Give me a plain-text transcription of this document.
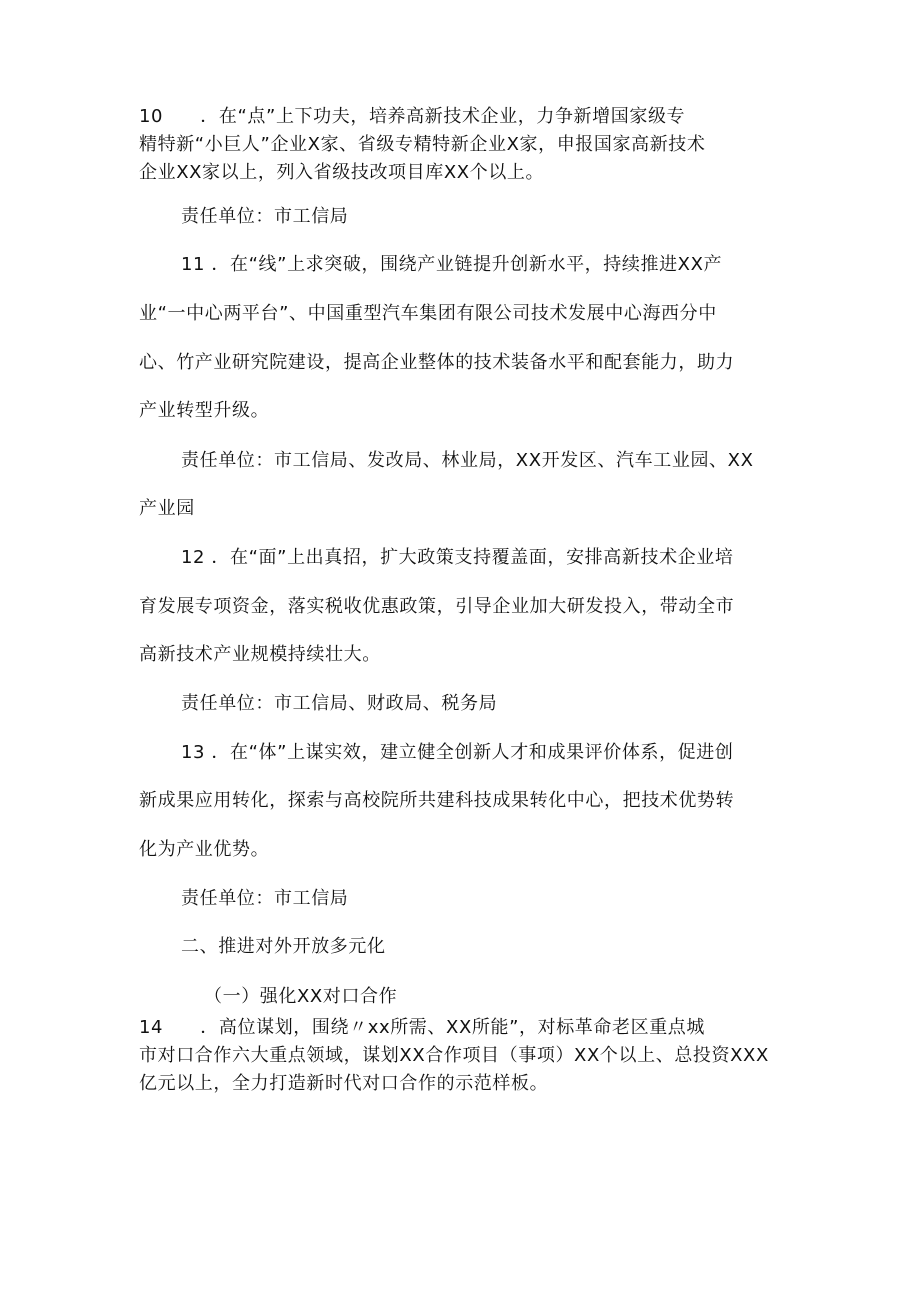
10　　．在“点”上下功夫，培养高新技术企业，力争新增国家级专
精特新“小巨人”企业X家、省级专精特新企业X家，申报国家高新技术
企业XX家以上，列入省级技改项目库XX个以上。
责任单位：市工信局
11 ．在“线”上求突破，围绕产业链提升创新水平，持续推进XX产
业“一中心两平台”、中国重型汽车集团有限公司技术发展中心海西分中
心、竹产业研究院建设，提高企业整体的技术装备水平和配套能力，助力
产业转型升级。
责任单位：市工信局、发改局、林业局，XX开发区、汽车工业园、XX
产业园
12 ．在“面”上出真招，扩大政策支持覆盖面，安排高新技术企业培
育发展专项资金，落实税收优惠政策，引导企业加大研发投入，带动全市
高新技术产业规模持续壮大。
责任单位：市工信局、财政局、税务局
13 ．在“体”上谋实效，建立健全创新人才和成果评价体系，促进创
新成果应用转化，探索与高校院所共建科技成果转化中心，把技术优势转
化为产业优势。
责任单位：市工信局
二、推进对外开放多元化
（一）强化XX对口合作
14　　．高位谋划，围绕〃xx所需、XX所能”，对标革命老区重点城
市对口合作六大重点领域，谋划XX合作项目（事项）XX个以上、总投资XXX
亿元以上，全力打造新时代对口合作的示范样板。
